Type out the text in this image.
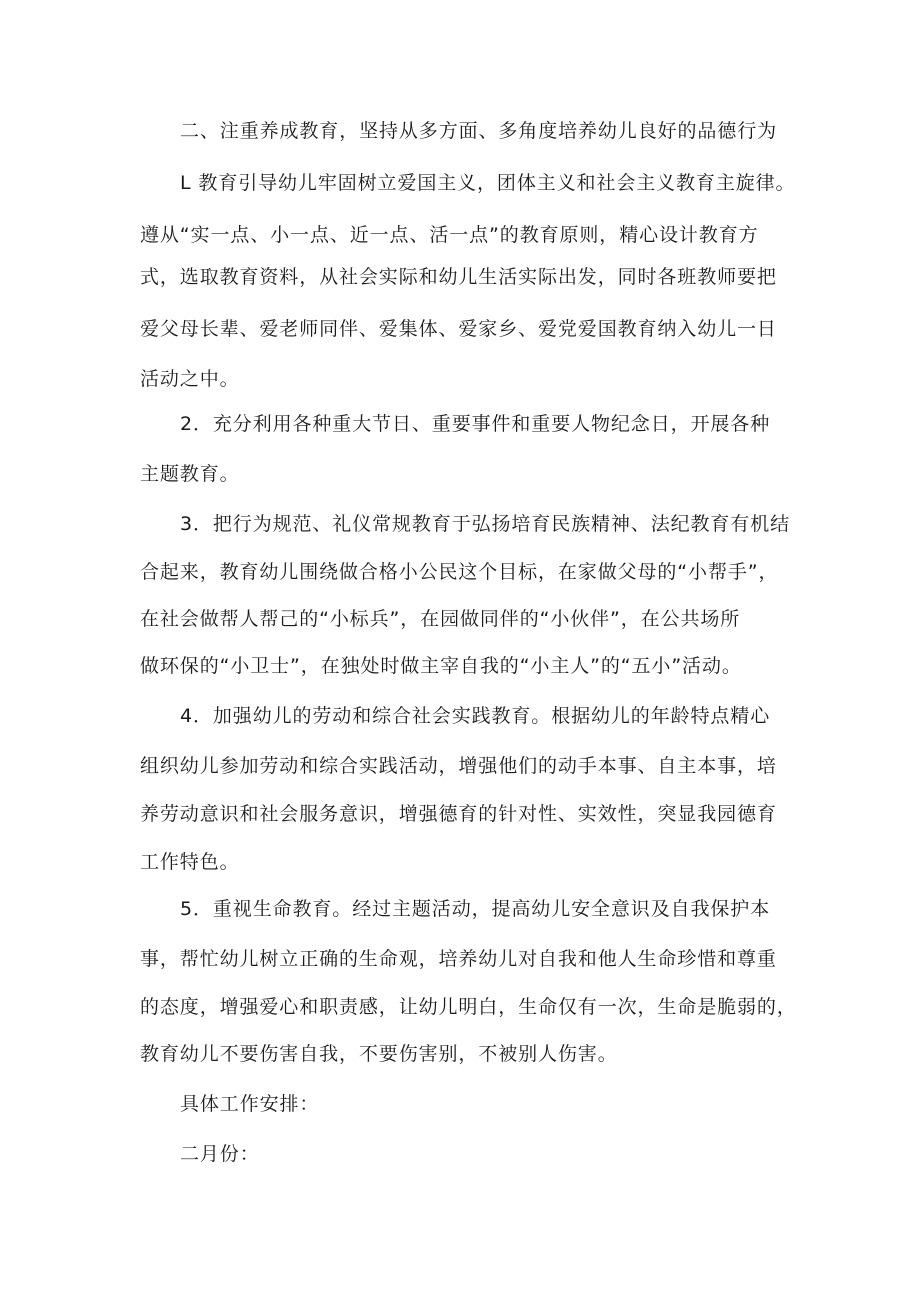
二、注重养成教育，坚持从多方面、多角度培养幼儿良好的品德行为
L 教育引导幼儿牢固树立爱国主义，团体主义和社会主义教育主旋律。
遵从“实一点、小一点、近一点、活一点”的教育原则，精心设计教育方
式，选取教育资料，从社会实际和幼儿生活实际出发，同时各班教师要把
爱父母长辈、爱老师同伴、爱集体、爱家乡、爱党爱国教育纳入幼儿一日
活动之中。
2．充分利用各种重大节日、重要事件和重要人物纪念日，开展各种
主题教育。
3．把行为规范、礼仪常规教育于弘扬培育民族精神、法纪教育有机结
合起来，教育幼儿围绕做合格小公民这个目标，在家做父母的“小帮手”，
在社会做帮人帮己的“小标兵”，在园做同伴的“小伙伴”，在公共场所
做环保的“小卫士”，在独处时做主宰自我的“小主人”的“五小”活动。
4．加强幼儿的劳动和综合社会实践教育。根据幼儿的年龄特点精心
组织幼儿参加劳动和综合实践活动，增强他们的动手本事、自主本事，培
养劳动意识和社会服务意识，增强德育的针对性、实效性，突显我园德育
工作特色。
5．重视生命教育。经过主题活动，提高幼儿安全意识及自我保护本
事，帮忙幼儿树立正确的生命观，培养幼儿对自我和他人生命珍惜和尊重
的态度，增强爱心和职责感，让幼儿明白，生命仅有一次，生命是脆弱的，
教育幼儿不要伤害自我，不要伤害别，不被别人伤害。
具体工作安排：
二月份：
